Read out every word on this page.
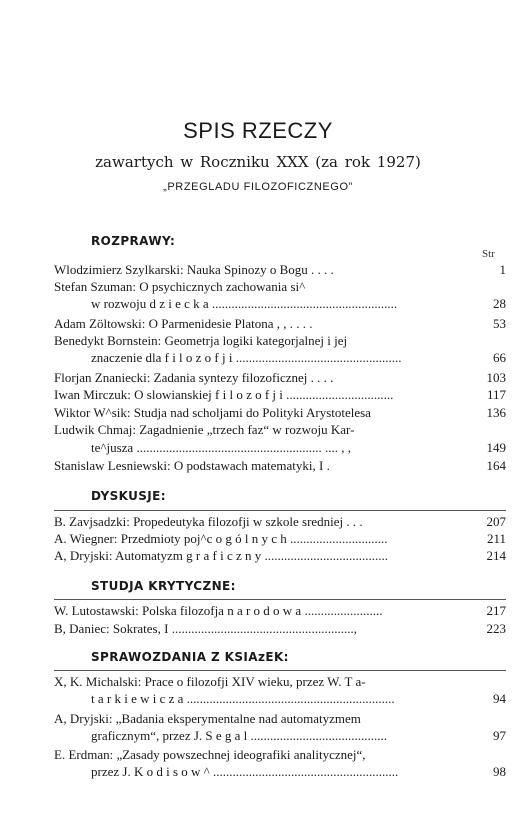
SPIS RZECZY
zawartych w Roczniku XXX (za rok 1927)
„PRZEGLADU FILOZOFICZNEGO”
ROZPRAWY:
Str
Wlodzimierz Szylkarski: Nauka Spinozy o Bogu . . . .	1
Stefan Szuman: O psychicznych zachowania si^
w rozwoju d z i e c k a .........................................................	28
Adam Zöltowski: O Parmenidesie Platona , , . . . .	53
Benedykt Bornstein: Geometrja logiki kategorjalnej i jej
znaczenie dla f i l o z o f j i ...................................................	66
Florjan Znaniecki: Zadania syntezy filozoficznej . . . .	103
Iwan Mirczuk: O slowianskiej f i l o z o f j i .................................	117
Wiktor W^sik: Studja nad scholjami do Polityki Arystotelesa	136
Ludwik Chmaj: Zagadnienie „trzech faz“ w rozwoju Kar-
te^jusza ......................................................... .... , ,	149
Stanislaw Lesniewski: O podstawach matematyki, I .	164
DYSKUSJE:
B. Zavjsadzki: Propedeutyka filozofji w szkole sredniej . . .	207
A. Wiegner: Przedmioty poj^c o g ó l n y c h ..............................	211
A, Dryjski: Automatyzm g r a f i c z n y ......................................	214
STUDJA KRYTYCZNE:
W. Lutostawski: Polska filozofja n a r o d o w a ........................	217
B, Daniec: Sokrates, I ........................................................,	223
SPRAWOZDANIA Z KSIAzEK:
X, K. Michalski: Prace o filozofji XIV wieku, przez W. T a-
t a r k i e w i c z a ................................................................	94
A, Dryjski: „Badania eksperymentalne nad automatyzmem
graficznym“, przez J. S e g a l ..........................................	97
E. Erdman: „Zasady powszechnej ideografiki analitycznej“,
przez J. K o d i s o w ^ .........................................................	98
